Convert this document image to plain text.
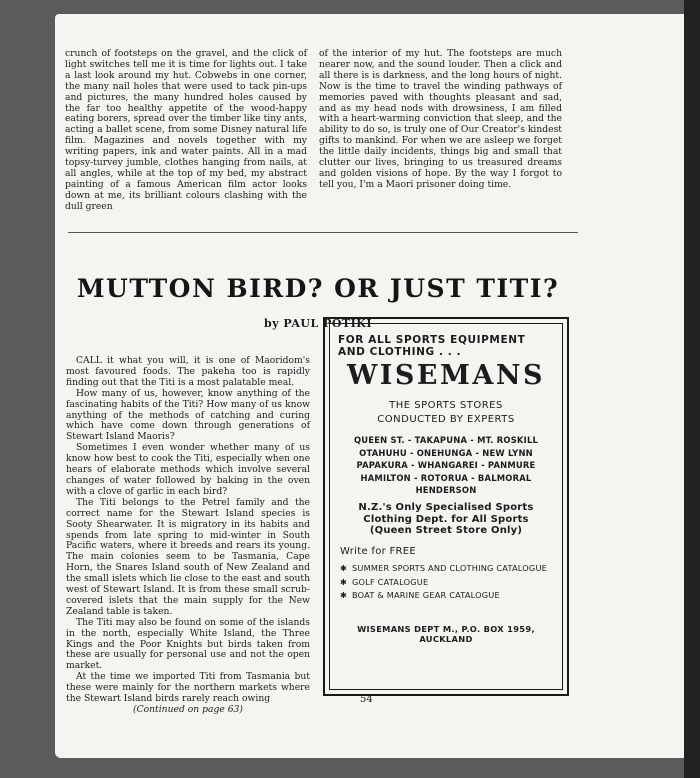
crunch of footsteps on the gravel, and the click of light switches tell me it is time for lights out. I take a last look around my hut. Cobwebs in one corner, the many nail holes that were used to tack pin-ups and pictures, the many hundred holes caused by the far too healthy appetite of the wood-happy eating borers, spread over the timber like tiny ants, acting a ballet scene, from some Disney natural life film. Magazines and novels together with my writing papers, ink and water paints. All in a mad topsy-turvey jumble, clothes hanging from nails, at all angles, while at the top of my bed, my abstract painting of a famous American film actor looks down at me, its brilliant colours clashing with the dull green

of the interior of my hut. The footsteps are much nearer now, and the sound louder. Then a click and all there is is darkness, and the long hours of night. Now is the time to travel the winding pathways of memories paved with thoughts pleasant and sad, and as my head nods with drowsiness, I am filled with a heart-warming conviction that sleep, and the ability to do so, is truly one of Our Creator's kindest gifts to mankind. For when we are asleep we forget the little daily incidents, things big and small that clutter our lives, bringing to us treasured dreams and golden visions of hope. By the way I forgot to tell you, I'm a Maori prisoner doing time.

MUTTON BIRD? OR JUST TITI?
by PAUL POTIKI

CALL it what you will, it is one of Maoridom's most favoured foods. The pakeha too is rapidly finding out that the Titi is a most palatable meal.

How many of us, however, know anything of the fascinating habits of the Titi? How many of us know anything of the methods of catching and curing which have come down through generations of Stewart Island Maoris?

Sometimes I even wonder whether many of us know how best to cook the Titi, especially when one hears of elaborate methods which involve several changes of water followed by baking in the oven with a clove of garlic in each bird?

The Titi belongs to the Petrel family and the correct name for the Stewart Island species is Sooty Shearwater. It is migratory in its habits and spends from late spring to mid-winter in South Pacific waters, where it breeds and rears its young. The main colonies seem to be Tasmania, Cape Horn, the Snares Island south of New Zealand and the small islets which lie close to the east and south west of Stewart Island. It is from these small scrub-covered islets that the main supply for the New Zealand table is taken.

The Titi may also be found on some of the islands in the north, especially White Island, the Three Kings and the Poor Knights but birds taken from these are usually for personal use and not the open market.

At the time we imported Titi from Tasmania but these were mainly for the northern markets where the Stewart Island birds rarely reach owing

(Continued on page 63)

FOR ALL SPORTS EQUIPMENT AND CLOTHING . . .
WISEMANS
THE SPORTS STORES
CONDUCTED BY EXPERTS
QUEEN ST. - TAKAPUNA - MT. ROSKILL
OTAHUHU - ONEHUNGA - NEW LYNN
PAPAKURA - WHANGAREI - PANMURE
HAMILTON - ROTORUA - BALMORAL
HENDERSON
N.Z.'s Only Specialised Sports
Clothing Dept. for All Sports
(Queen Street Store Only)
Write for FREE
✱ SUMMER SPORTS AND CLOTHING CATALOGUE
✱ GOLF CATALOGUE
✱ BOAT & MARINE GEAR CATALOGUE
WISEMANS DEPT M., P.O. BOX 1959,
AUCKLAND
54
